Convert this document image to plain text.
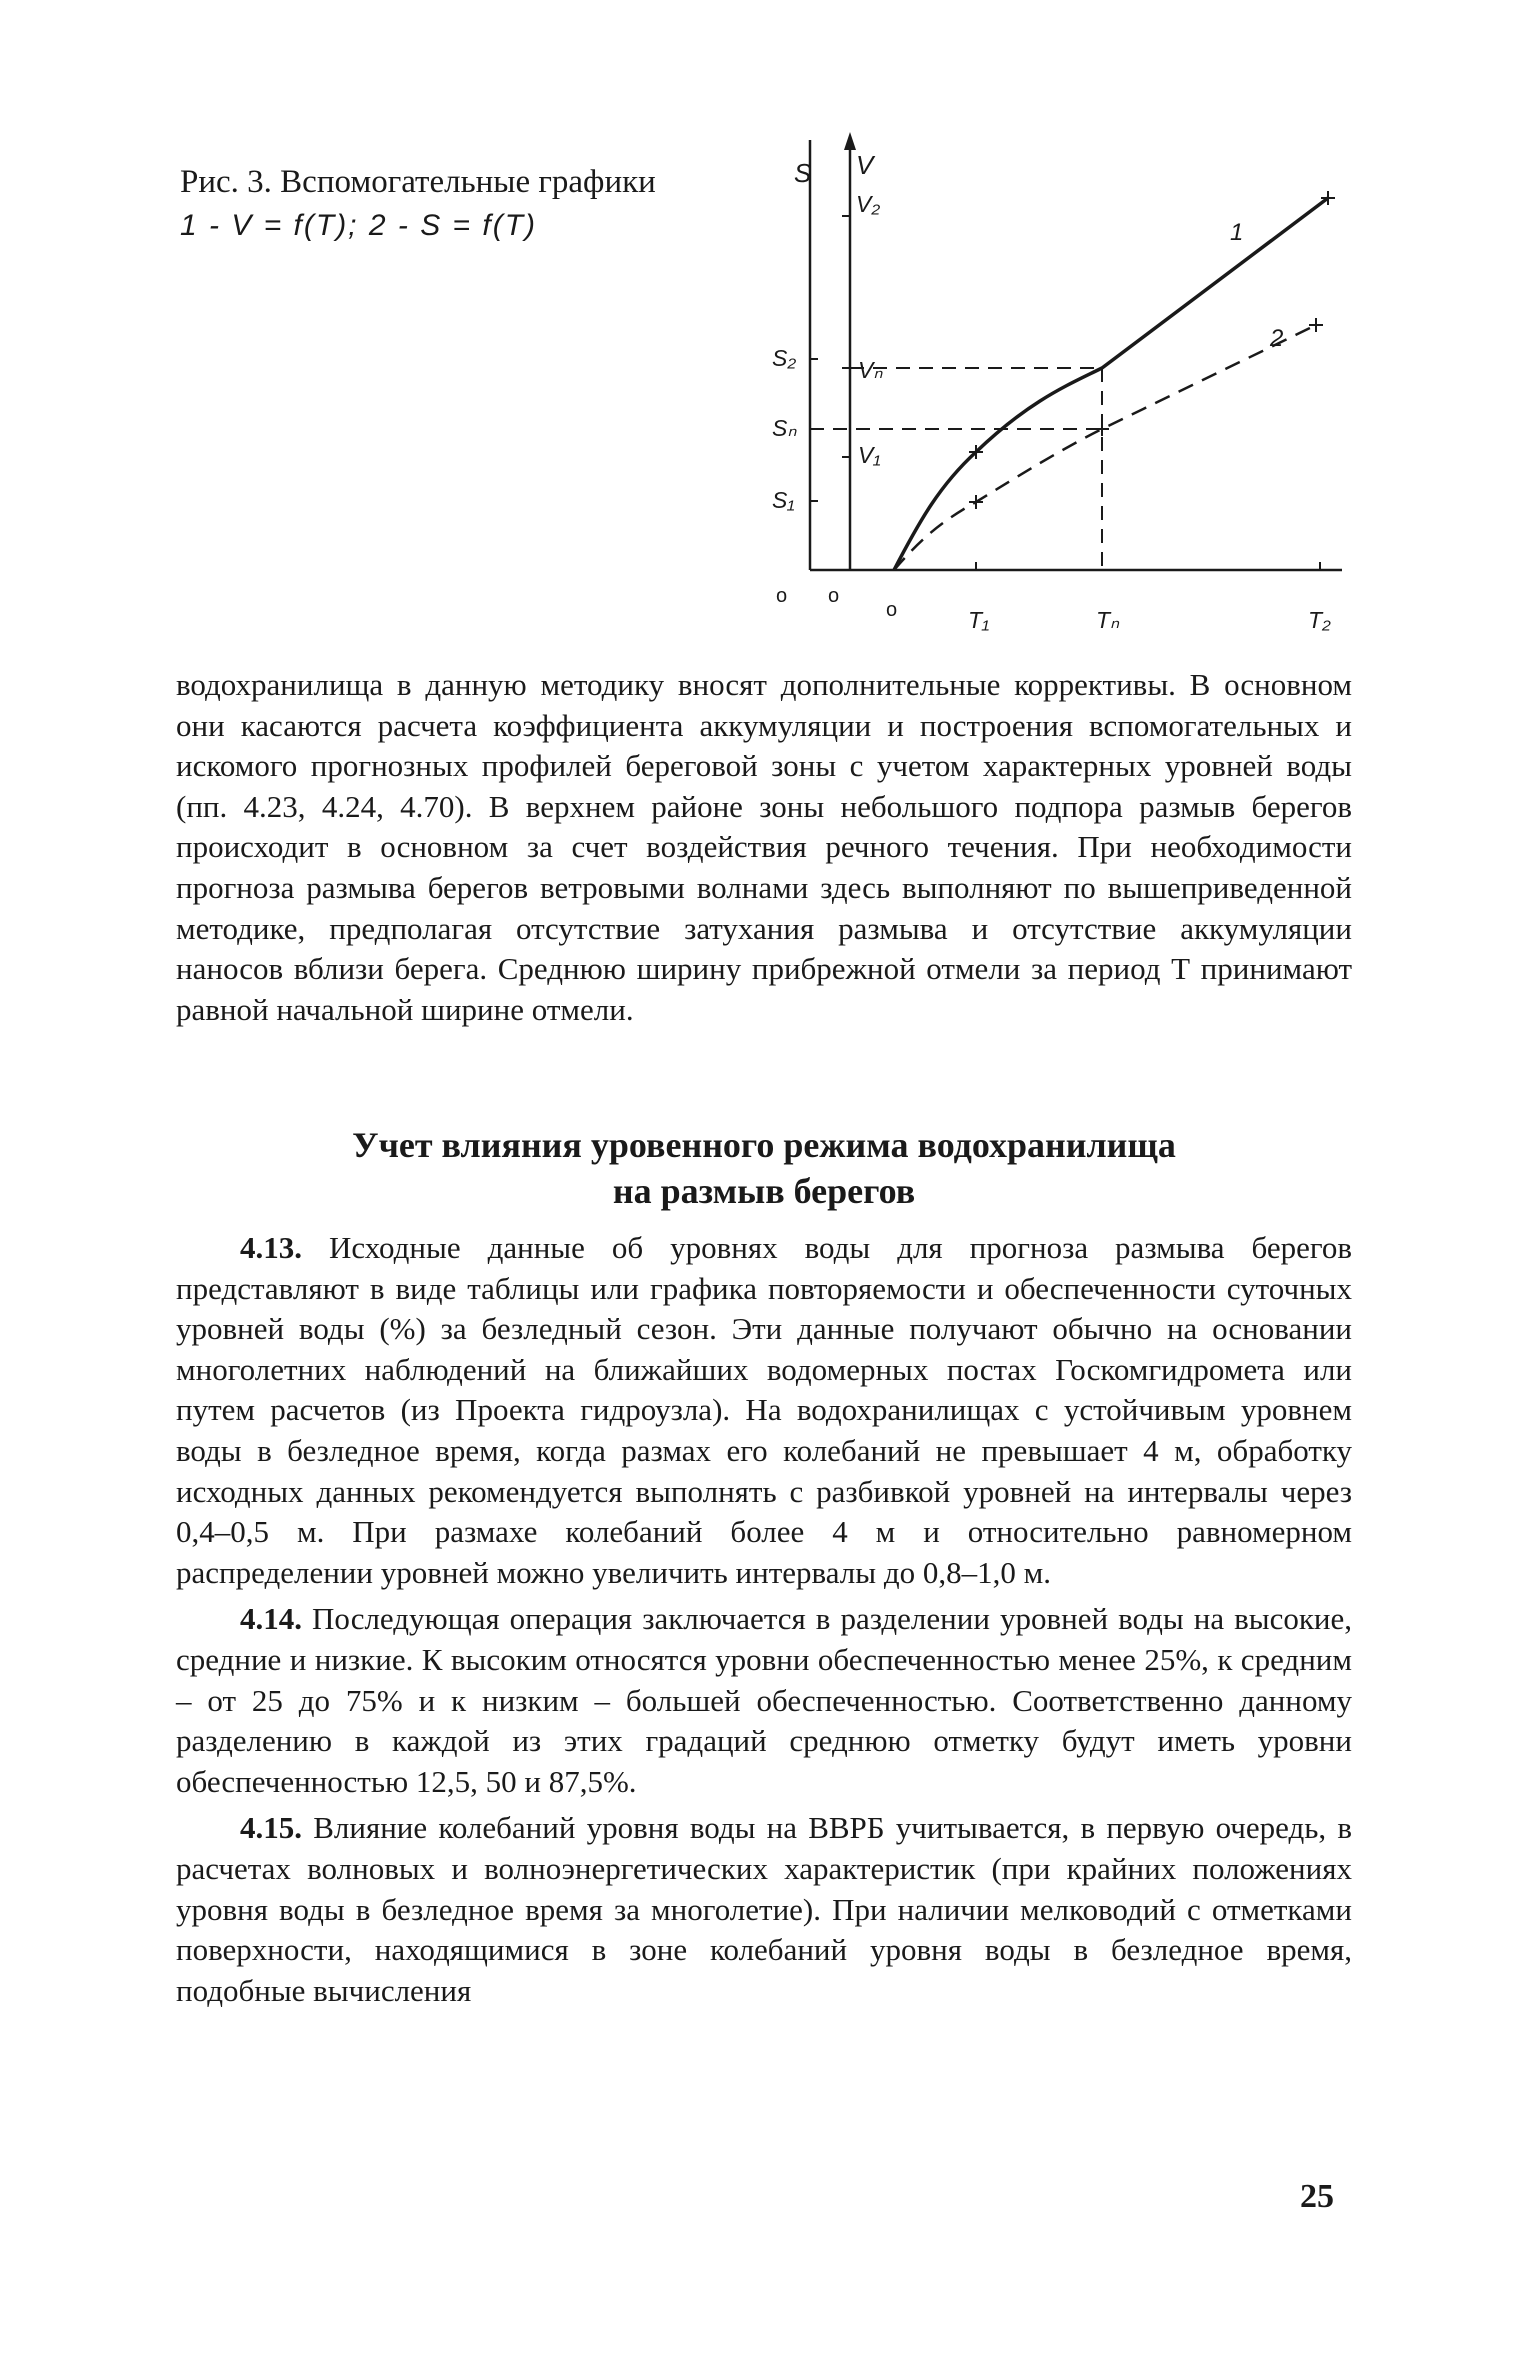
Рис. 3. Вспомогательные графики
1 - V = f(T); 2 - S = f(T)
S V
S₂
Sₙ
S₁
o
V₂
Vₙ
V₁
o
o	T₁	Tₙ	T₂
1
2

водохранилища в данную методику вносят дополнительные коррективы. В основном они касаются расчета коэффициента аккумуляции и построения вспомогательных и искомого прогнозных профилей береговой зоны с учетом характерных уровней воды (пп. 4.23, 4.24, 4.70). В верхнем районе зоны небольшого подпора размыв берегов происходит в основном за счет воздействия речного течения. При необходимости прогноза размыва берегов ветровыми волнами здесь выполняют по вышеприведенной методике, предполагая отсутствие затухания размыва и отсутствие аккумуляции наносов вблизи берега. Среднюю ширину прибрежной отмели за период Т принимают равной начальной ширине отмели.

Учет влияния уровенного режима водохранилища
на размыв берегов

4.13. Исходные данные об уровнях воды для прогноза размыва берегов представляют в виде таблицы или графика повторяемости и обеспеченности суточных уровней воды (%) за безледный сезон. Эти данные получают обычно на основании многолетних наблюдений на ближайших водомерных постах Госкомгидромета или путем расчетов (из Проекта гидроузла). На водохранилищах с устойчивым уровнем воды в безледное время, когда размах его колебаний не превышает 4 м, обработку исходных данных рекомендуется выполнять с разбивкой уровней на интервалы через 0,4–0,5 м. При размахе колебаний более 4 м и относительно равномерном распределении уровней можно увеличить интервалы до 0,8–1,0 м.

4.14. Последующая операция заключается в разделении уровней воды на высокие, средние и низкие. К высоким относятся уровни обеспеченностью менее 25%, к средним – от 25 до 75% и к низким – большей обеспеченностью. Соответственно данному разделению в каждой из этих градаций среднюю отметку будут иметь уровни обеспеченностью 12,5, 50 и 87,5%.

4.15. Влияние колебаний уровня воды на ВВРБ учитывается, в первую очередь, в расчетах волновых и волноэнергетических характеристик (при крайних положениях уровня воды в безледное время за многолетие). При наличии мелководий с отметками поверхности, находящимися в зоне колебаний уровня воды в безледное время, подобные вычисления

25
